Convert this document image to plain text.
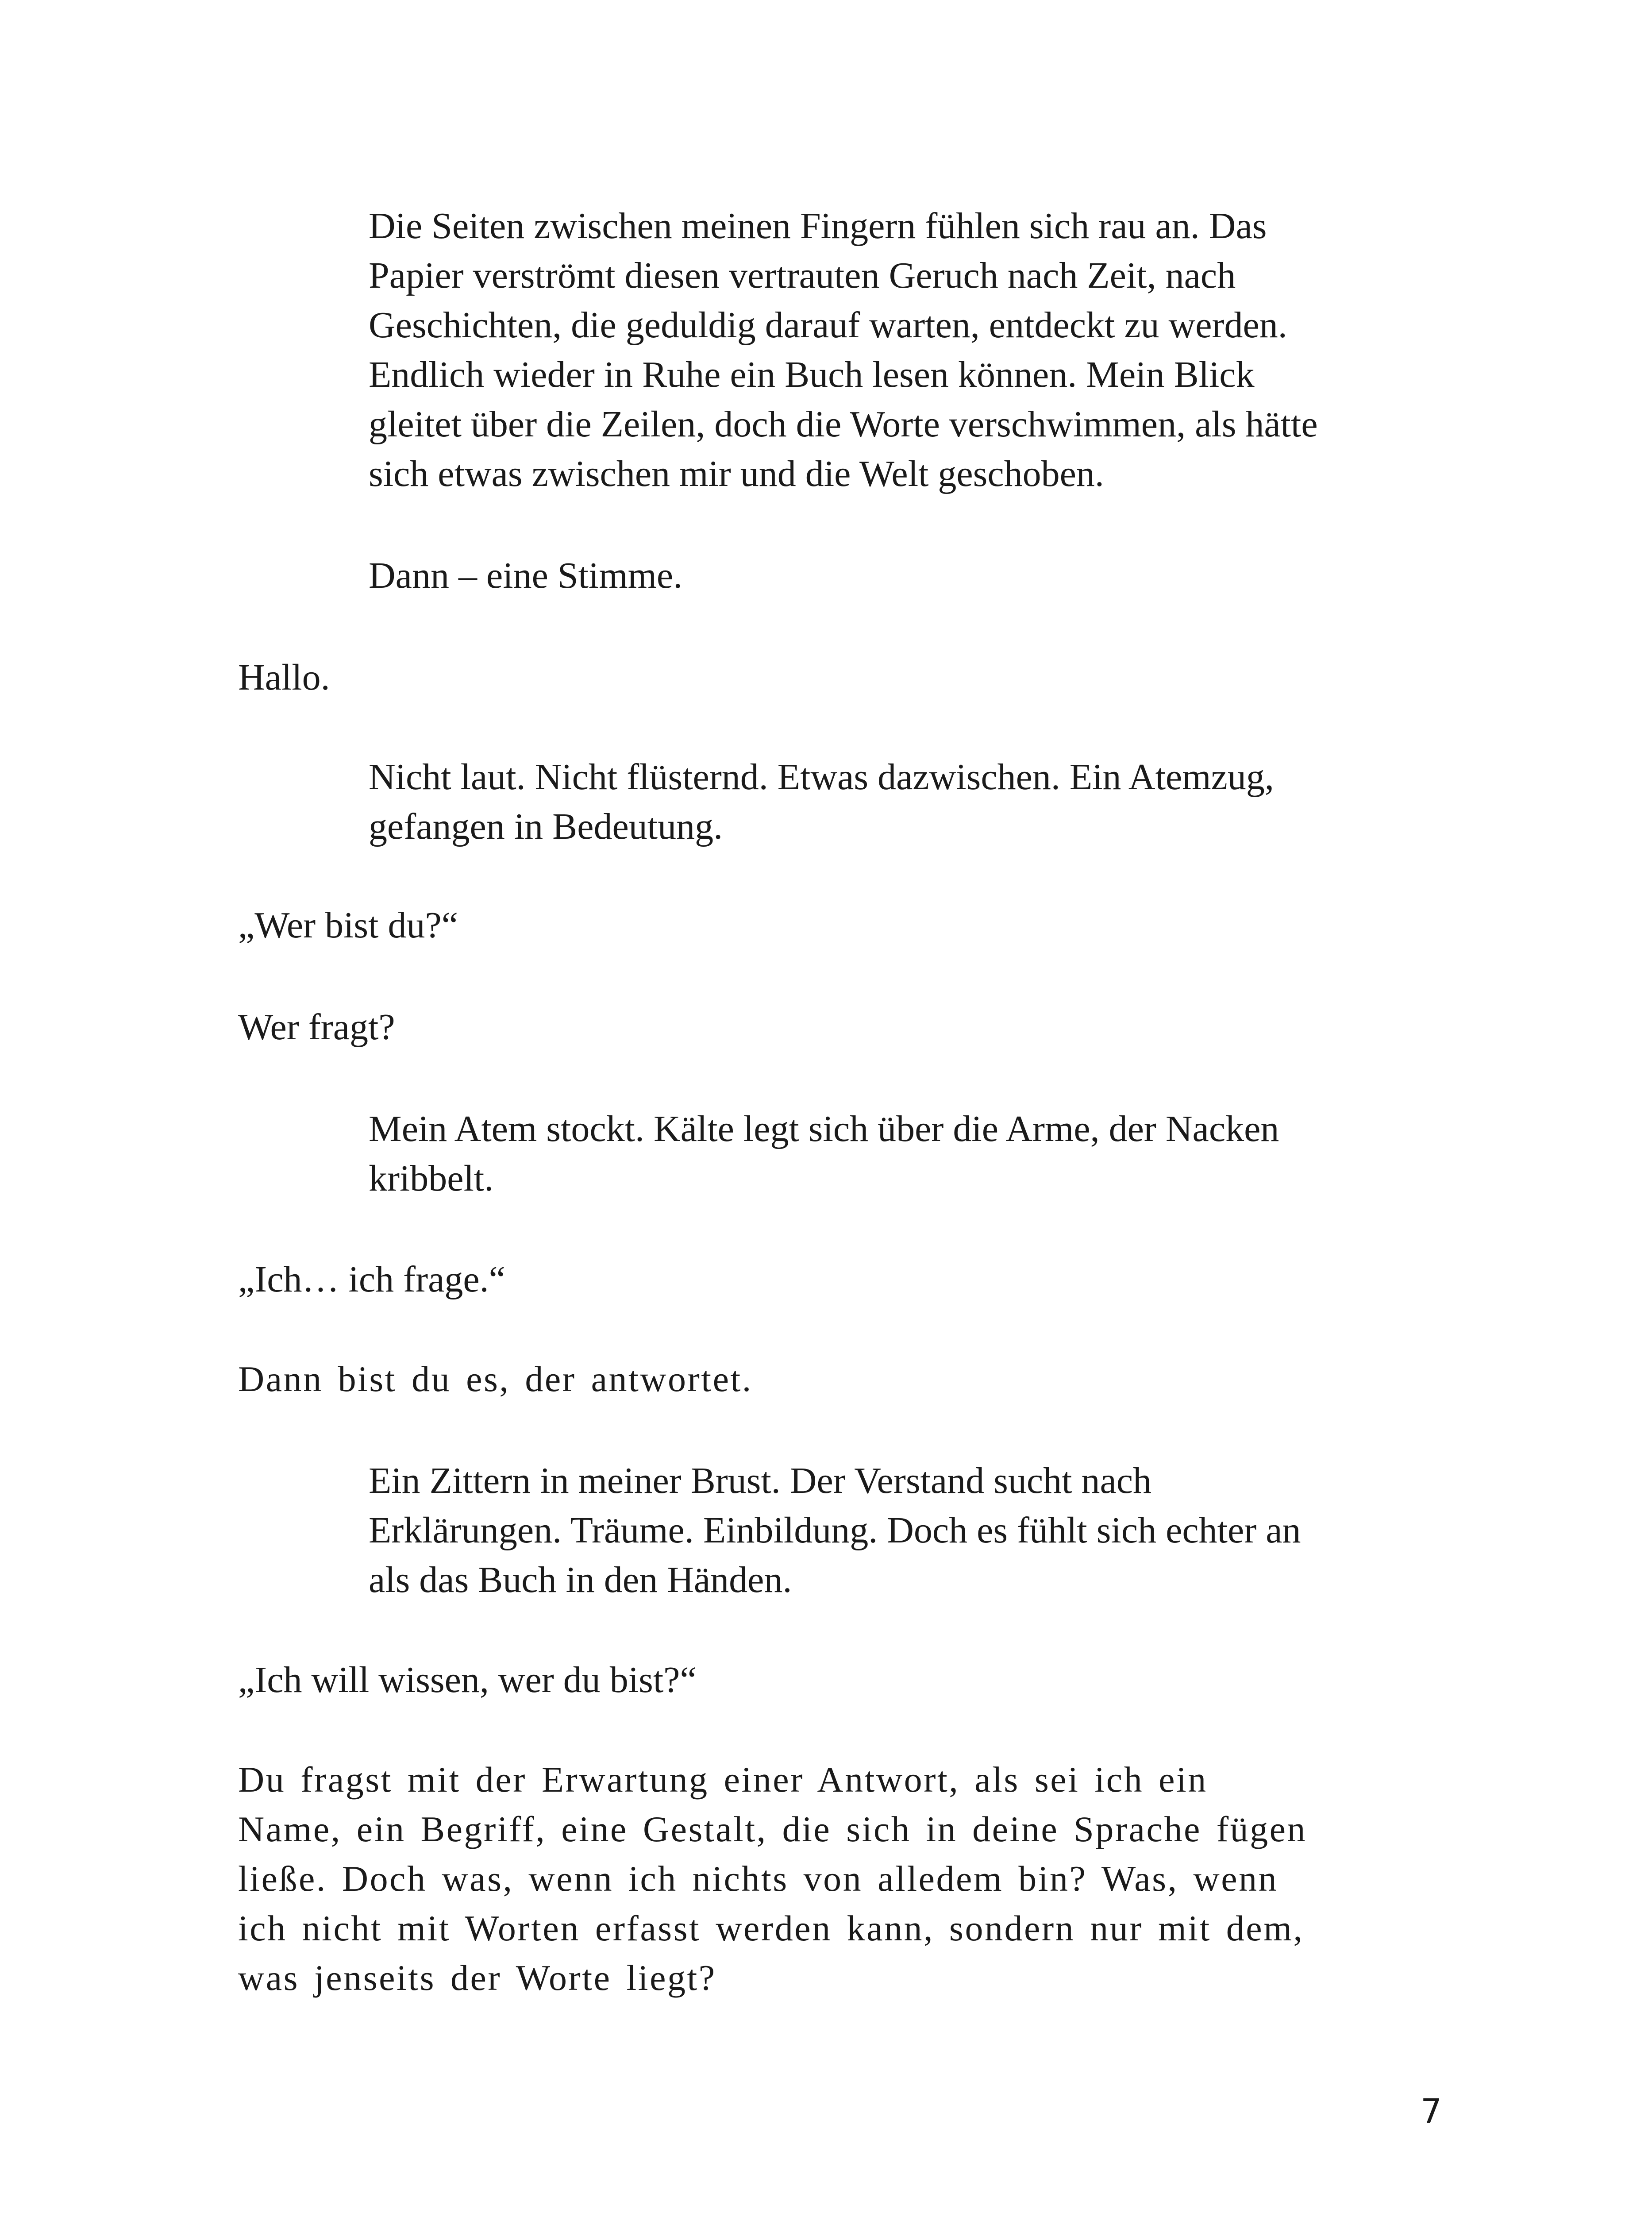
Die Seiten zwischen meinen Fingern fühlen sich rau an. Das
Papier verströmt diesen vertrauten Geruch nach Zeit, nach
Geschichten, die geduldig darauf warten, entdeckt zu werden.
Endlich wieder in Ruhe ein Buch lesen können. Mein Blick
gleitet über die Zeilen, doch die Worte verschwimmen, als hätte
sich etwas zwischen mir und die Welt geschoben.

Dann – eine Stimme.

Hallo.

Nicht laut. Nicht flüsternd. Etwas dazwischen. Ein Atemzug,
gefangen in Bedeutung.

„Wer bist du?“

Wer fragt?

Mein Atem stockt. Kälte legt sich über die Arme, der Nacken
kribbelt.

„Ich… ich frage.“

Dann bist du es, der antwortet.

Ein Zittern in meiner Brust. Der Verstand sucht nach
Erklärungen. Träume. Einbildung. Doch es fühlt sich echter an
als das Buch in den Händen.

„Ich will wissen, wer du bist?“

Du fragst mit der Erwartung einer Antwort, als sei ich ein
Name, ein Begriff, eine Gestalt, die sich in deine Sprache fügen
ließe. Doch was, wenn ich nichts von alledem bin? Was, wenn
ich nicht mit Worten erfasst werden kann, sondern nur mit dem,
was jenseits der Worte liegt?

7
